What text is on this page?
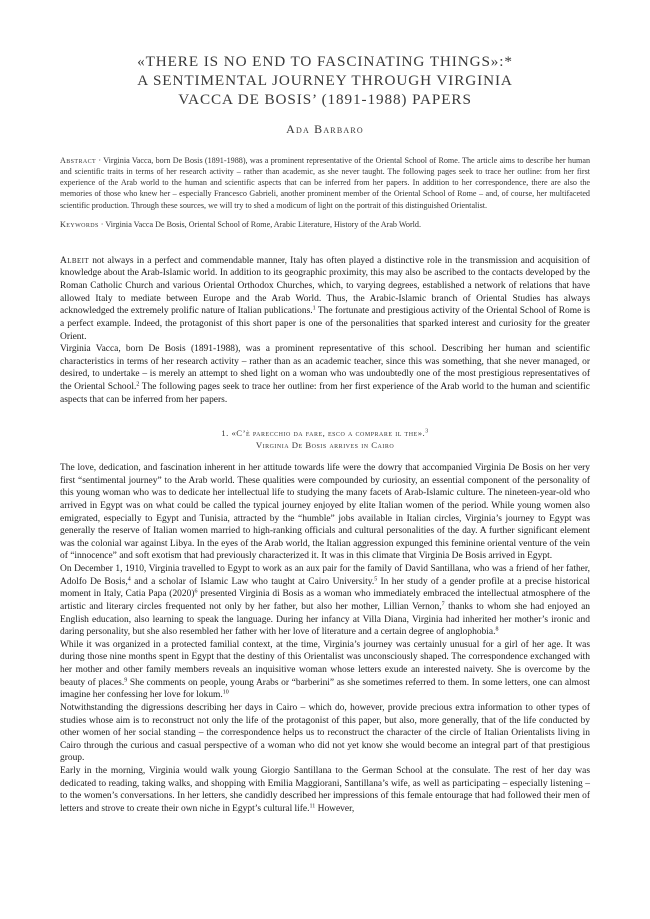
«THERE IS NO END TO FASCINATING THINGS»:*
A SENTIMENTAL JOURNEY THROUGH VIRGINIA
VACCA DE BOSIS’ (1891-1988) PAPERS
Ada Barbaro
Abstract · Virginia Vacca, born De Bosis (1891-1988), was a prominent representative of the Oriental School of Rome. The article aims to describe her human and scientific traits in terms of her research activity – rather than academic, as she never taught. The following pages seek to trace her outline: from her first experience of the Arab world to the human and scientific aspects that can be inferred from her papers. In addition to her correspondence, there are also the memories of those who knew her – especially Francesco Gabrieli, another prominent member of the Oriental School of Rome – and, of course, her multifaceted scientific production. Through these sources, we will try to shed a modicum of light on the portrait of this distinguished Orientalist.
Keywords · Virginia Vacca De Bosis, Oriental School of Rome, Arabic Literature, History of the Arab World.

Albeit not always in a perfect and commendable manner, Italy has often played a distinctive role in the transmission and acquisition of knowledge about the Arab-Islamic world. In addition to its geographic proximity, this may also be ascribed to the contacts developed by the Roman Catholic Church and various Oriental Orthodox Churches, which, to varying degrees, established a network of relations that have allowed Italy to mediate between Europe and the Arab World. Thus, the Arabic-Islamic branch of Oriental Studies has always acknowledged the extremely prolific nature of Italian publications.$^1$ The fortunate and prestigious activity of the Oriental School of Rome is a perfect example. Indeed, the protagonist of this short paper is one of the personalities that sparked interest and curiosity for the greater Orient.

Virginia Vacca, born De Bosis (1891-1988), was a prominent representative of this school. Describing her human and scientific characteristics in terms of her research activity – rather than as an academic teacher, since this was something, that she never managed, or desired, to undertake – is merely an attempt to shed light on a woman who was undoubtedly one of the most prestigious representatives of the Oriental School.$^2$ The following pages seek to trace her outline: from her first experience of the Arab world to the human and scientific aspects that can be inferred from her papers.

1. «C’è parecchio da fare, esco a comprare il the».$^3$
Virginia De Bosis arrives in Cairo

The love, dedication, and fascination inherent in her attitude towards life were the dowry that accompanied Virginia De Bosis on her very first “sentimental journey” to the Arab world. These qualities were compounded by curiosity, an essential component of the personality of this young woman who was to dedicate her intellectual life to studying the many facets of Arab-Islamic culture. The nineteen-year-old who arrived in Egypt was on what could be called the typical journey enjoyed by elite Italian women of the period. While young women also emigrated, especially to Egypt and Tunisia, attracted by the “humble” jobs available in Italian circles, Virginia’s journey to Egypt was generally the reserve of Italian women married to high-ranking officials and cultural personalities of the day. A further significant element was the colonial war against Libya. In the eyes of the Arab world, the Italian aggression expunged this feminine oriental venture of the vein of “innocence” and soft exotism that had previously characterized it. It was in this climate that Virginia De Bosis arrived in Egypt.

On December 1, 1910, Virginia travelled to Egypt to work as an aux pair for the family of David Santillana, who was a friend of her father, Adolfo De Bosis,$^4$ and a scholar of Islamic Law who taught at Cairo University.$^5$ In her study of a gender profile at a precise historical moment in Italy, Catia Papa $(2020)^6$ presented Virginia di Bosis as a woman who immediately embraced the intellectual atmosphere of the artistic and literary circles frequented not only by her father, but also her mother, Lillian Vernon,$^7$ thanks to whom she had enjoyed an English education, also learning to speak the language. During her infancy at Villa Diana, Virginia had inherited her mother’s ironic and daring personality, but she also resembled her father with her love of literature and a certain degree of anglophobia.$^8$

While it was organized in a protected familial context, at the time, Virginia’s journey was certainly unusual for a girl of her age. It was during those nine months spent in Egypt that the destiny of this Orientalist was unconsciously shaped. The correspondence exchanged with her mother and other family members reveals an inquisitive woman whose letters exude an interested naivety. She is overcome by the beauty of places.$^9$ She comments on people, young Arabs or “barberini” as she sometimes referred to them. In some letters, one can almost imagine her confessing her love for lokum.$^{10}$

Notwithstanding the digressions describing her days in Cairo – which do, however, provide precious extra information to other types of studies whose aim is to reconstruct not only the life of the protagonist of this paper, but also, more generally, that of the life conducted by other women of her social standing – the correspondence helps us to reconstruct the character of the circle of Italian Orientalists living in Cairo through the curious and casual perspective of a woman who did not yet know she would become an integral part of that prestigious group.

Early in the morning, Virginia would walk young Giorgio Santillana to the German School at the consulate. The rest of her day was dedicated to reading, taking walks, and shopping with Emilia Maggiorani, Santillana’s wife, as well as participating – especially listening – to the women’s conversations. In her letters, she candidly described her impressions of this female entourage that had followed their men of letters and strove to create their own niche in Egypt’s cultural life.$^{11}$ However,
